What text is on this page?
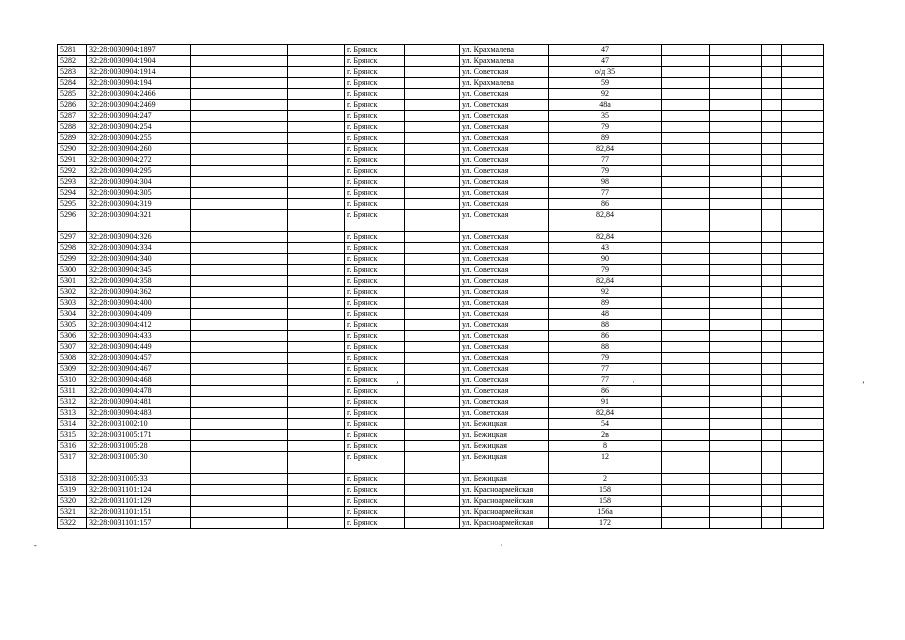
5281	32:28:0030904:1897			г. Брянск		ул. Крахмалева	47				
5282	32:28:0030904:1904			г. Брянск		ул. Крахмалева	47				
5283	32:28:0030904:1914			г. Брянск		ул. Советская	о/д 35				
5284	32:28:0030904:194			г. Брянск		ул. Крахмалева	59				
5285	32:28:0030904:2466			г. Брянск		ул. Советская	92				
5286	32:28:0030904:2469			г. Брянск		ул. Советская	48а				
5287	32:28:0030904:247			г. Брянск		ул. Советская	35				
5288	32:28:0030904:254			г. Брянск		ул. Советская	79				
5289	32:28:0030904:255			г. Брянск		ул. Советская	89				
5290	32:28:0030904:260			г. Брянск		ул. Советская	82,84				
5291	32:28:0030904:272			г. Брянск		ул. Советская	77				
5292	32:28:0030904:295			г. Брянск		ул. Советская	79				
5293	32:28:0030904:304			г. Брянск		ул. Советская	98				
5294	32:28:0030904:305			г. Брянск		ул. Советская	77				
5295	32:28:0030904:319			г. Брянск		ул. Советская	86				
5296	32:28:0030904:321			г. Брянск		ул. Советская	82,84				
5297	32:28:0030904:326			г. Брянск		ул. Советская	82,84				
5298	32:28:0030904:334			г. Брянск		ул. Советская	43				
5299	32:28:0030904:340			г. Брянск		ул. Советская	90				
5300	32:28:0030904:345			г. Брянск		ул. Советская	79				
5301	32:28:0030904:358			г. Брянск		ул. Советская	82,84				
5302	32:28:0030904:362			г. Брянск		ул. Советская	92				
5303	32:28:0030904:400			г. Брянск		ул. Советская	89				
5304	32:28:0030904:409			г. Брянск		ул. Советская	48				
5305	32:28:0030904:412			г. Брянск		ул. Советская	88				
5306	32:28:0030904:433			г. Брянск		ул. Советская	86				
5307	32:28:0030904:449			г. Брянск		ул. Советская	88				
5308	32:28:0030904:457			г. Брянск		ул. Советская	79				
5309	32:28:0030904:467			г. Брянск		ул. Советская	77				
5310	32:28:0030904:468			г. Брянск		ул. Советская	77				
5311	32:28:0030904:478			г. Брянск		ул. Советская	86				
5312	32:28:0030904:481			г. Брянск		ул. Советская	91				
5313	32:28:0030904:483			г. Брянск		ул. Советская	82,84				
5314	32:28:0031002:10			г. Брянск		ул. Бежицкая	54				
5315	32:28:0031005:171			г. Брянск		ул. Бежицкая	2в				
5316	32:28:0031005:28			г. Брянск		ул. Бежицкая	8				
5317	32:28:0031005:30			г. Брянск		ул. Бежицкая	12				
5318	32:28:0031005:33			г. Брянск		ул. Бежицкая	2				
5319	32:28:0031101:124			г. Брянск		ул. Красноармейская	158				
5320	32:28:0031101:129			г. Брянск		ул. Красноармейская	158				
5321	32:28:0031101:151			г. Брянск		ул. Красноармейская	156а				
5322	32:28:0031101:157			г. Брянск		ул. Красноармейская	172				
ʼ	ˈ	ʼ
˙
‐
